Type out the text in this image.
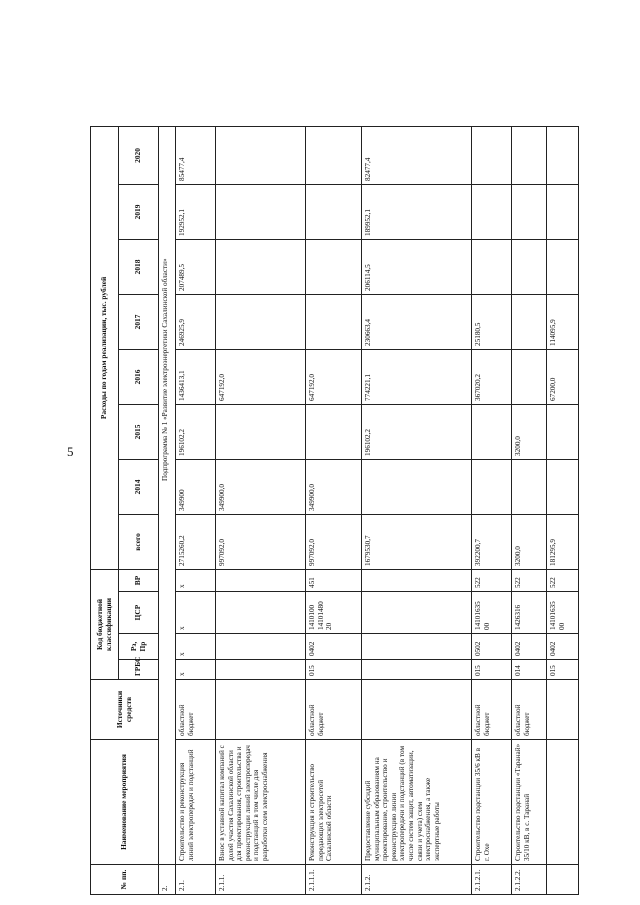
5
№ пп.	Наименование мероприятия	Источники средств	Код бюджетной классификации				Расходы по годам реализации, тыс. рублей							
			ГРБС	Рз, Пр	ЦСР	ВР	всего	2014	2015	2016	2017	2018	2019	2020
2.	Подпрограмма № 1 «Развитие электроэнергетики Сахалинской области»													
2.1.	Строительство и реконструкция линий электропередач и подстанций	областной бюджет	х	х	х	х	2715260,2	349900	196102,2	1436413,1	246925,9	207489,5	192952,1	85477,4
2.1.1.	Взнос в уставной капитал компаний с долей участия Сахалинской области для проектирования, строительства и реконструкции линий электропередач и подстанций в том числе для разработки схем электроснабжения						997092,0	349900,0		647192,0				
2.1.1.1.	Реконструкция и строительство передающих электросетей Сахалинской области	областной бюджет	015	0402	1410100 14101480 20	451	997092,0	349900,0		647192,0				
2.1.2.	Предоставление субсидий муниципальным образованиям на проектирование, строительство и реконструкцию линии электропередачи и подстанций (в том числе систем защит, автоматизации, связи и учета) схем электроснабжения, а также экспертные работы						1679530,7		196102,2	774221,1	230663,4	206114,5	189952,1	82477,4
2.1.2.1.	Строительство подстанции 35/6 кВ в г. Охе	областной бюджет	015	0502	14101635 00	522	392200,7			367020,2	25180,5			
2.1.2.2.	Строительство подстанции «Таранай» 35/10 кВ, в с. Таранай	областной бюджет	014	0402	1426316	522	3200,0		3200,0					
			015	0402	14101635 00	522	181295,9			67200,0	114095,9			
